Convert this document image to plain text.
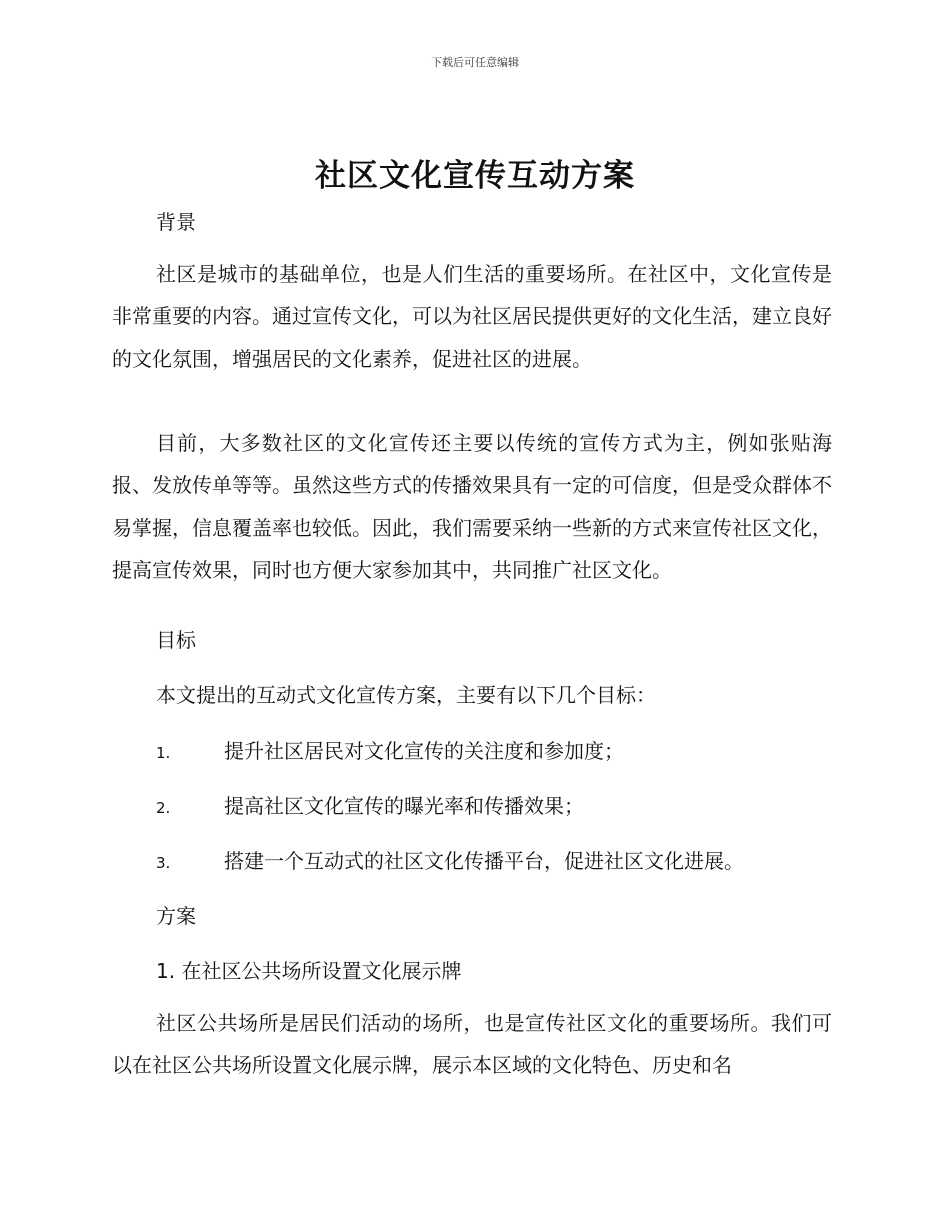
下载后可任意编辑
社区文化宣传互动方案
背景

社区是城市的基础单位，也是人们生活的重要场所。在社区中，文化宣传是非常重要的内容。通过宣传文化，可以为社区居民提供更好的文化生活，建立良好的文化氛围，增强居民的文化素养，促进社区的进展。

目前，大多数社区的文化宣传还主要以传统的宣传方式为主，例如张贴海报、发放传单等等。虽然这些方式的传播效果具有一定的可信度，但是受众群体不易掌握，信息覆盖率也较低。因此，我们需要采纳一些新的方式来宣传社区文化，提高宣传效果，同时也方便大家参加其中，共同推广社区文化。

目标

本文提出的互动式文化宣传方案，主要有以下几个目标：

1.	提升社区居民对文化宣传的关注度和参加度；
2.	提高社区文化宣传的曝光率和传播效果；
3.	搭建一个互动式的社区文化传播平台，促进社区文化进展。
方案
1. 在社区公共场所设置文化展示牌

社区公共场所是居民们活动的场所，也是宣传社区文化的重要场所。我们可以在社区公共场所设置文化展示牌，展示本区域的文化特色、历史和名
